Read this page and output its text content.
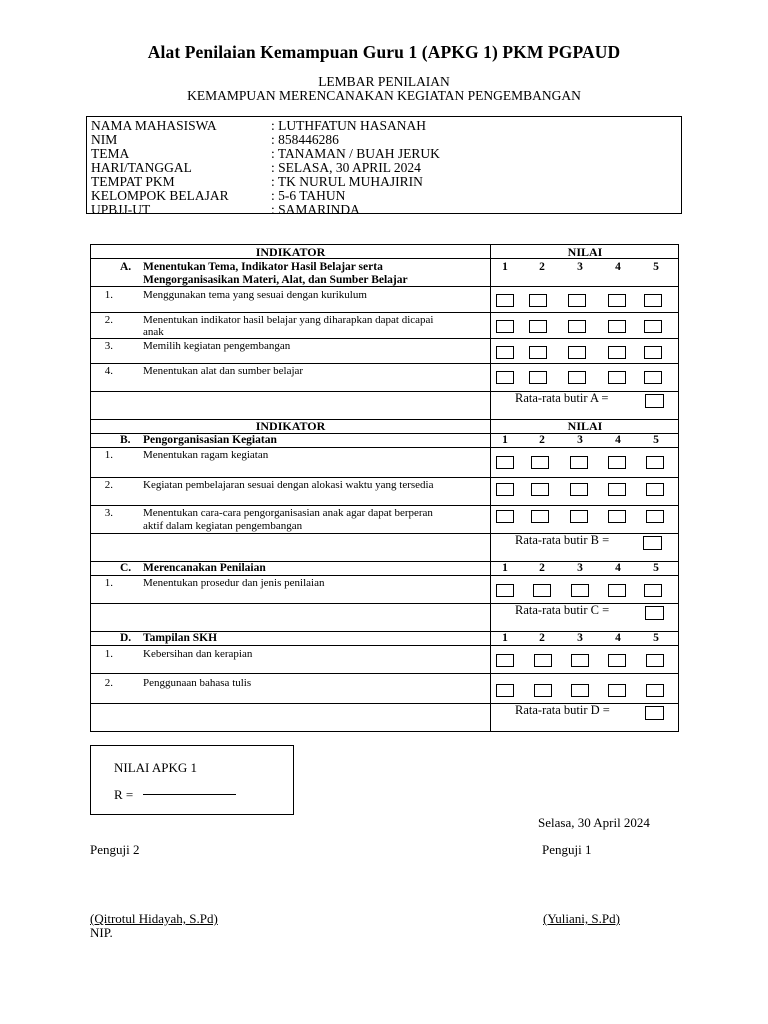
Alat Penilaian Kemampuan Guru 1 (APKG 1) PKM PGPAUD
LEMBAR PENILAIAN
KEMAMPUAN MERENCANAKAN KEGIATAN PENGEMBANGAN
NAMA MAHASISWA	: LUTHFATUN HASANAH
NIM	: 858446286
TEMA	: TANAMAN / BUAH JERUK
HARI/TANGGAL	: SELASA, 30 APRIL 2024
TEMPAT PKM	: TK NURUL MUHAJIRIN
KELOMPOK BELAJAR	: 5-6 TAHUN
UPBJJ-UT	: SAMARINDA
INDIKATOR	NILAI
A. Menentukan Tema, Indikator Hasil Belajar serta
Mengorganisasikan Materi, Alat, dan Sumber Belajar
1	2	3	4	5
1.	Menggunakan tema yang sesuai dengan kurikulum
2.	Menentukan indikator hasil belajar yang diharapkan dapat dicapai
anak
3.	Memilih kegiatan pengembangan
4.	Menentukan alat dan sumber belajar
Rata-rata butir A =
INDIKATOR	NILAI
B. Pengorganisasian Kegiatan	1	2	3	4	5
1.	Menentukan ragam kegiatan
2.	Kegiatan pembelajaran sesuai dengan alokasi waktu yang tersedia
3.	Menentukan cara-cara pengorganisasian anak agar dapat berperan
aktif dalam kegiatan pengembangan
Rata-rata butir B =
C. Merencanakan Penilaian	1	2	3	4	5
1.	Menentukan prosedur dan jenis penilaian
Rata-rata butir C =
D. Tampilan SKH	1	2	3	4	5
1.	Kebersihan dan kerapian
2.	Penggunaan bahasa tulis
Rata-rata butir D =
NILAI APKG 1
R =
Selasa, 30 April 2024
Penguji 2	Penguji 1
(Qitrotul Hidayah, S.Pd)	(Yuliani, S.Pd)
NIP.
